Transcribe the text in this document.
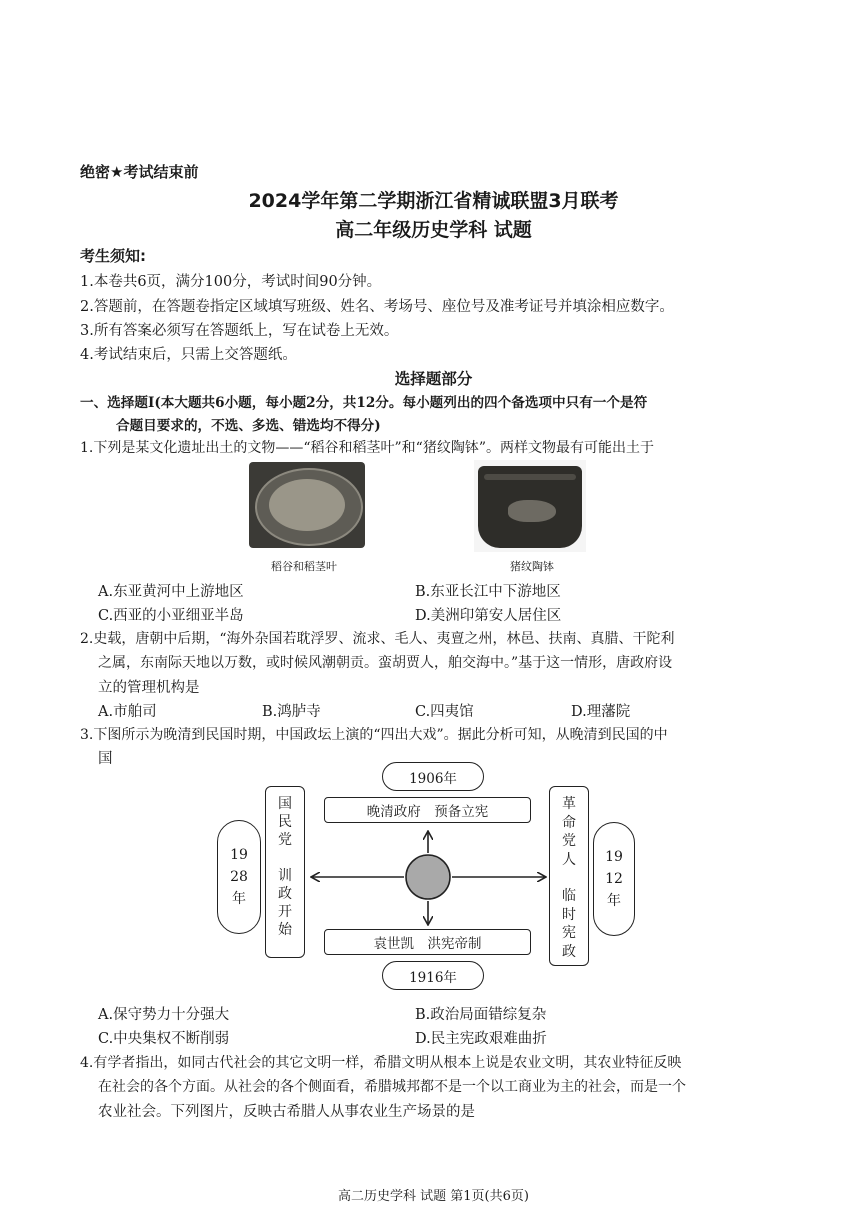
绝密★考试结束前
2024学年第二学期浙江省精诚联盟3月联考
高二年级历史学科 试题
考生须知:
1.本卷共6页，满分100分，考试时间90分钟。
2.答题前，在答题卷指定区域填写班级、姓名、考场号、座位号及准考证号并填涂相应数字。
3.所有答案必须写在答题纸上，写在试卷上无效。
4.考试结束后，只需上交答题纸。
选择题部分
一、选择题Ⅰ(本大题共6小题，每小题2分，共12分。每小题列出的四个备选项中只有一个是符
合题目要求的，不选、多选、错选均不得分)
1.下列是某文化遗址出土的文物——“稻谷和稻茎叶”和“猪纹陶钵”。两样文物最有可能出土于
稻谷和稻茎叶	猪纹陶钵
A.东亚黄河中上游地区	B.东亚长江中下游地区
C.西亚的小亚细亚半岛	D.美洲印第安人居住区
2.史载，唐朝中后期，“海外杂国若耽浮罗、流求、毛人、夷亶之州，林邑、扶南、真腊、干陀利
之属，东南际天地以万数，或时候风潮朝贡。蛮胡贾人，舶交海中。”基于这一情形，唐政府设
立的管理机构是
A.市舶司	B.鸿胪寺	C.四夷馆	D.理藩院
3.下图所示为晚清到民国时期，中国政坛上演的“四出大戏”。据此分析可知，从晚清到民国的中
国
1906年
晚清政府　预备立宪
袁世凯　洪宪帝制
1916年
国
民
党
训
政
开
始
19
28
年
革
命
党
人
临
时
宪
政
19
12
年
A.保守势力十分强大	B.政治局面错综复杂
C.中央集权不断削弱	D.民主宪政艰难曲折
4.有学者指出，如同古代社会的其它文明一样，希腊文明从根本上说是农业文明，其农业特征反映
在社会的各个方面。从社会的各个侧面看，希腊城邦都不是一个以工商业为主的社会，而是一个
农业社会。下列图片，反映古希腊人从事农业生产场景的是
高二历史学科 试题 第1页(共6页)
